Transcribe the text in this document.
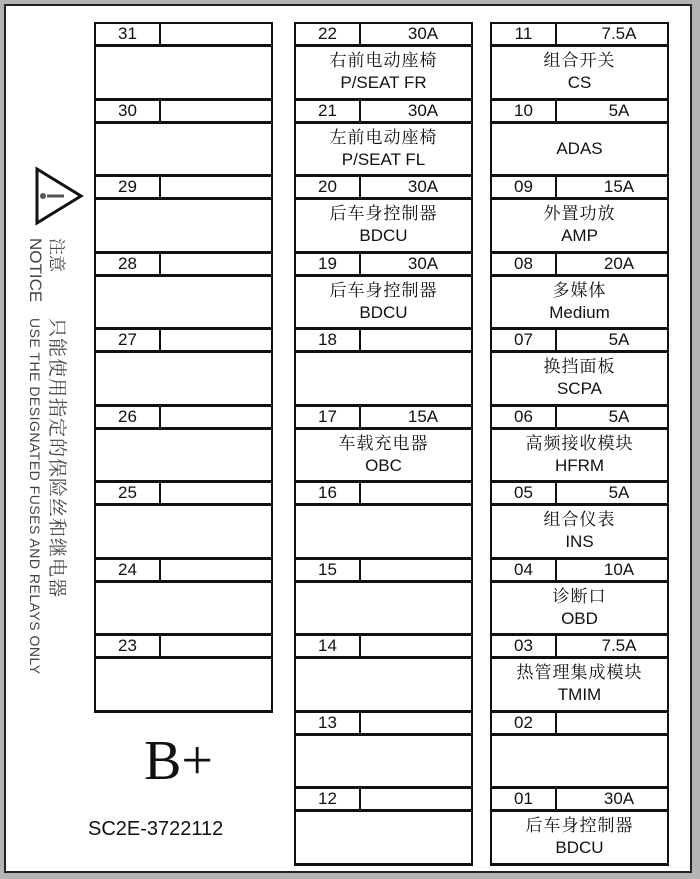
注意只能使用指定的保险丝和继电器
NOTICEUSE THE DESIGNATED FUSES AND RELAYS ONLY
31
30
29
28
27
26
25
24
23
22	30A
右前电动座椅
P/SEAT FR
21	30A
左前电动座椅
P/SEAT FL
20	30A
后车身控制器
BDCU
19	30A
后车身控制器
BDCU
18
17	15A
车载充电器
OBC
16
15
14
13
12
11	7.5A
组合开关
CS
10	5A
ADAS
09	15A
外置功放
AMP
08	20A
多媒体
Medium
07	5A
换挡面板
SCPA
06	5A
高频接收模块
HFRM
05	5A
组合仪表
INS
04	10A
诊断口
OBD
03	7.5A
热管理集成模块
TMIM
02
01	30A
后车身控制器
BDCU
B+
SC2E-3722112
